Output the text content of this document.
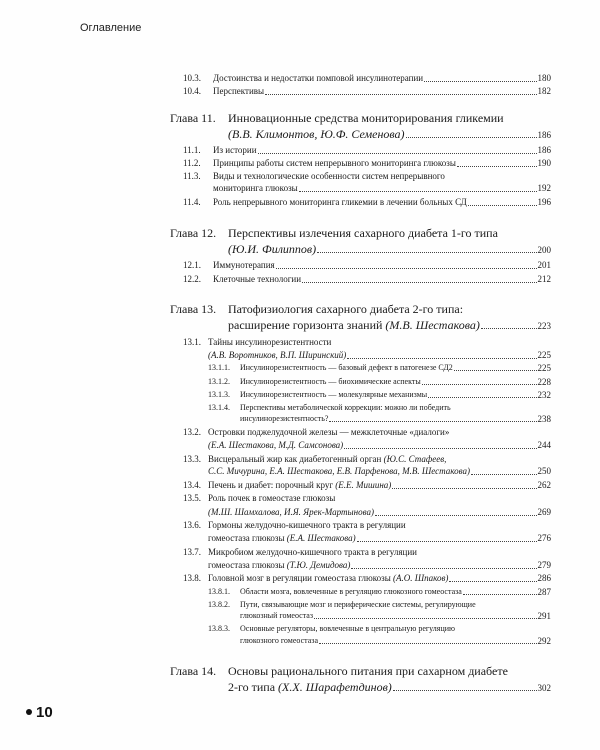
Оглавление
10.3. Достоинства и недостатки помповой инсулинотерапии	180
10.4. Перспективы	182
Глава 11. Инновационные средства мониторирования гликемии
(В.В. Климонтов, Ю.Ф. Семенова)	186
11.1. Из истории	186
11.2. Принципы работы систем непрерывного мониторинга глюкозы	190
11.3. Виды и технологические особенности систем непрерывного
мониторинга глюкозы	192
11.4. Роль непрерывного мониторинга гликемии в лечении больных СД	196
Глава 12. Перспективы излечения сахарного диабета 1-го типа
(Ю.И. Филиппов)	200
12.1. Иммунотерапия	201
12.2. Клеточные технологии	212
Глава 13. Патофизиология сахарного диабета 2-го типа:
расширение горизонта знаний
(М.В. Шестакова)	223
13.1. Тайны инсулинорезистентности
(А.В. Воротников, В.П. Ширинский)	225
13.1.1. Инсулинорезистентность — базовый дефект в патогенезе СД2	225
13.1.2. Инсулинорезистентность — биохимические аспекты	228
13.1.3. Инсулинорезистентность — молекулярные механизмы	232
13.1.4. Перспективы метаболической коррекции: можно ли победить
инсулинорезистентность?	238
13.2. Островки поджелудочной железы — межклеточные «диалоги»
(Е.А. Шестакова, М.Д. Самсонова)	244
13.3. Висцеральный жир как диабетогенный орган (Ю.С. Стафеев,
С.С. Мичурина, Е.А. Шестакова, Е.В. Парфенова, М.В. Шестакова)	250
13.4. Печень и диабет: порочный круг
(Е.Е. Мишина)	262
13.5. Роль почек в гомеостазе глюкозы
(М.Ш. Шамхалова, И.Я. Ярек-Мартынова)	269
13.6. Гормоны желудочно-кишечного тракта в регуляции
гомеостаза глюкозы
(Е.А. Шестакова)	276
13.7. Микробиом желудочно-кишечного тракта в регуляции
гомеостаза глюкозы
(Т.Ю. Демидова)	279
13.8. Головной мозг в регуляции гомеостаза глюкозы
(А.О. Шпаков)	286
13.8.1. Области мозга, вовлеченные в регуляцию глюкозного гомеостаза	287
13.8.2. Пути, связывающие мозг и периферические системы, регулирующие
глюкозный гомеостаз	291
13.8.3. Основные регуляторы, вовлеченные в центральную регуляцию
глюкозного гомеостаза	292
Глава 14. Основы рационального питания при сахарном диабете
2-го типа
(Х.Х. Шарафетдинов)	302
10
